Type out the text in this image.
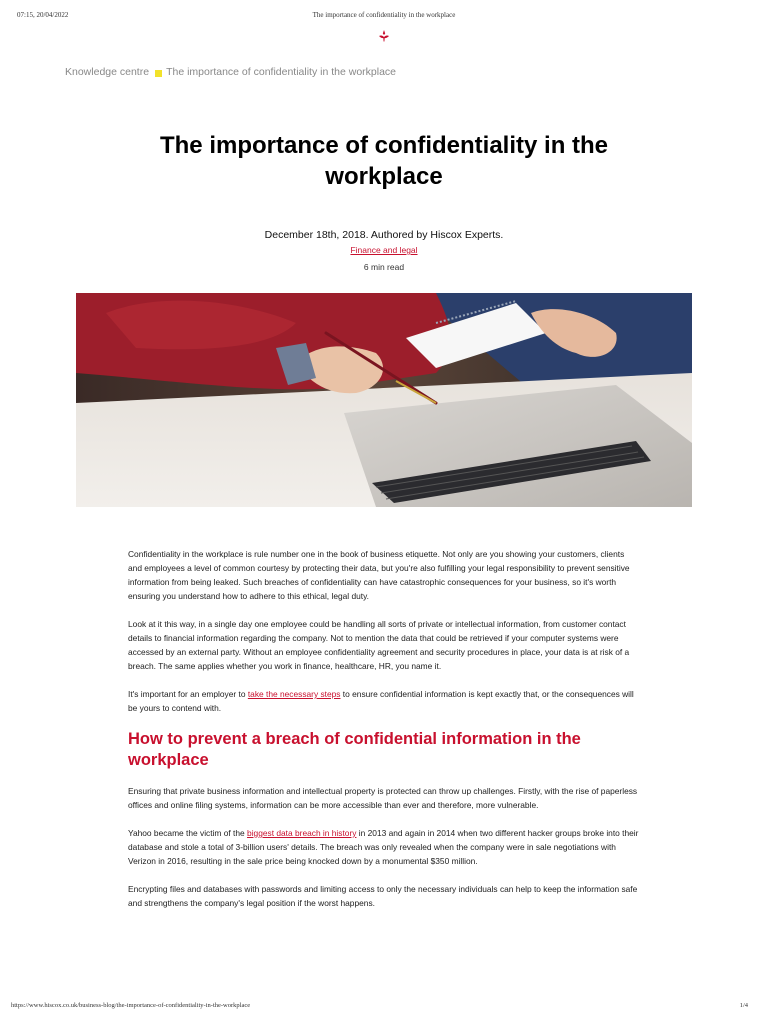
07:15, 20/04/2022	The importance of confidentiality in the workplace
Knowledge centre The importance of confidentiality in the workplace
The importance of confidentiality in the workplace
December 18th, 2018. Authored by Hiscox Experts.
Finance and legal
6 min read

Confidentiality in the workplace is rule number one in the book of business etiquette. Not only are you showing your customers, clients and employees a level of common courtesy by protecting their data, but you're also fulfilling your legal responsibility to prevent sensitive information from being leaked. Such breaches of confidentiality can have catastrophic consequences for your business, so it's worth ensuring you understand how to adhere to this ethical, legal duty.

Look at it this way, in a single day one employee could be handling all sorts of private or intellectual information, from customer contact details to financial information regarding the company. Not to mention the data that could be retrieved if your computer systems were accessed by an external party. Without an employee confidentiality agreement and security procedures in place, your data is at risk of a breach. The same applies whether you work in finance, healthcare, HR, you name it.

It's important for an employer to take the necessary steps to ensure confidential information is kept exactly that, or the consequences will be yours to contend with.

How to prevent a breach of confidential information in the workplace

Ensuring that private business information and intellectual property is protected can throw up challenges. Firstly, with the rise of paperless offices and online filing systems, information can be more accessible than ever and therefore, more vulnerable.

Yahoo became the victim of the biggest data breach in history in 2013 and again in 2014 when two different hacker groups broke into their database and stole a total of 3-billion users' details. The breach was only revealed when the company were in sale negotiations with Verizon in 2016, resulting in the sale price being knocked down by a monumental $350 million.

Encrypting files and databases with passwords and limiting access to only the necessary individuals can help to keep the information safe and strengthens the company's legal position if the worst happens.

https://www.hiscox.co.uk/business-blog/the-importance-of-confidentiality-in-the-workplace	1/4
